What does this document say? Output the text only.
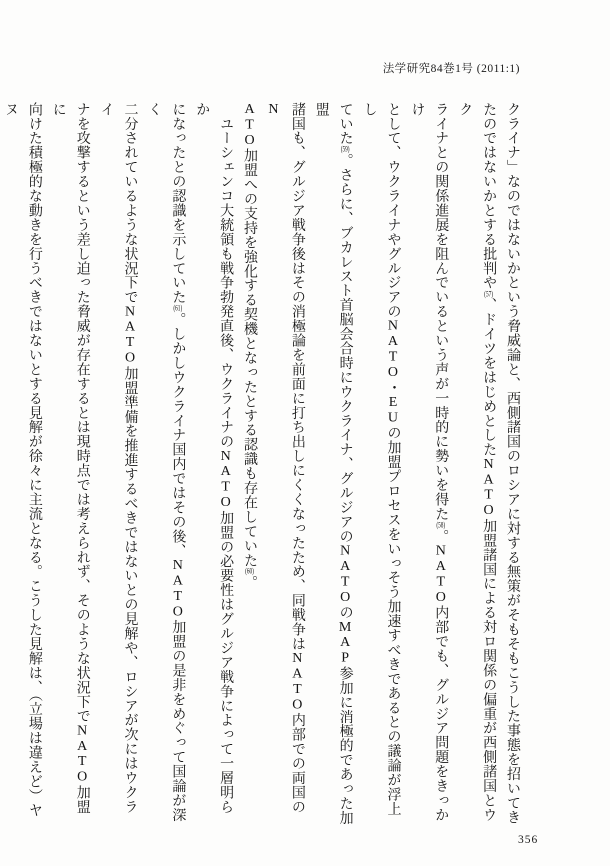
法学研究84巻1号 (2011:1)
クライナ」なのではないかという脅威論と、西側諸国のロシアに対する無策がそもそもこうした事態を招いてき
たのではないかとする批判や(57)、ドイツをはじめとしたNATO加盟諸国による対ロ関係の偏重が西側諸国とウク
ライナとの関係進展を阻んでいるという声が一時的に勢いを得た(58)。NATO内部でも、グルジア問題をきっかけ
として、ウクライナやグルジアのNATO・EUの加盟プロセスをいっそう加速すべきであるとの議論が浮上し
ていた(59)。さらに、ブカレスト首脳会合時にウクライナ、グルジアのNATOのMAP参加に消極的であった加盟
諸国も、グルジア戦争後はその消極論を前面に打ち出しにくくなったため、同戦争はNATO内部での両国のN
ATO加盟への支持を強化する契機となったとする認識も存在していた(60)。
　ユーシェンコ大統領も戦争勃発直後、ウクライナのNATO加盟の必要性はグルジア戦争によって一層明らか
になったとの認識を示していた(61)。しかしウクライナ国内ではその後、NATO加盟の是非をめぐって国論が深く
二分されているような状況下でNATO加盟準備を推進するべきではないとの見解や、ロシアが次にはウクライ
ナを攻撃するという差し迫った脅威が存在するとは現時点では考えられず、そのような状況下でNATO加盟に
向けた積極的な動きを行うべきではないとする見解が徐々に主流となる。こうした見解は、（立場は違えど）ヤヌ
356
